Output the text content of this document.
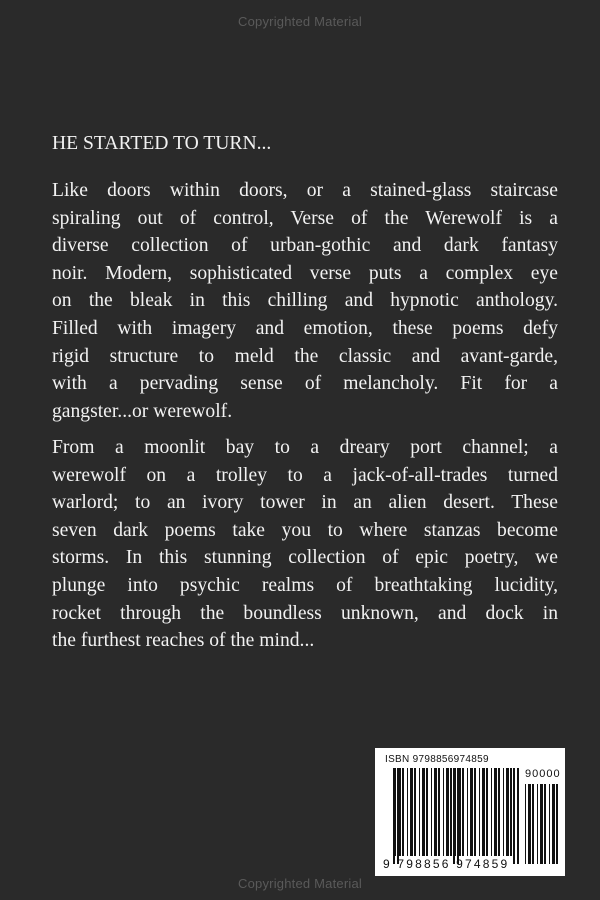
Copyrighted Material
HE STARTED TO TURN...
Like doors within doors, or a stained-glass staircase
spiraling out of control, Verse of the Werewolf is a
diverse collection of urban-gothic and dark fantasy
noir. Modern, sophisticated verse puts a complex eye
on the bleak in this chilling and hypnotic anthology.
Filled with imagery and emotion, these poems defy
rigid structure to meld the classic and avant-garde,
with a pervading sense of melancholy. Fit for a
gangster...or werewolf.
From a moonlit bay to a dreary port channel; a
werewolf on a trolley to a jack-of-all-trades turned
warlord; to an ivory tower in an alien desert. These
seven dark poems take you to where stanzas become
storms. In this stunning collection of epic poetry, we
plunge into psychic realms of breathtaking lucidity,
rocket through the boundless unknown, and dock in
the furthest reaches of the mind...
ISBN 9798856974859
90000
9 798856 974859
Copyrighted Material
